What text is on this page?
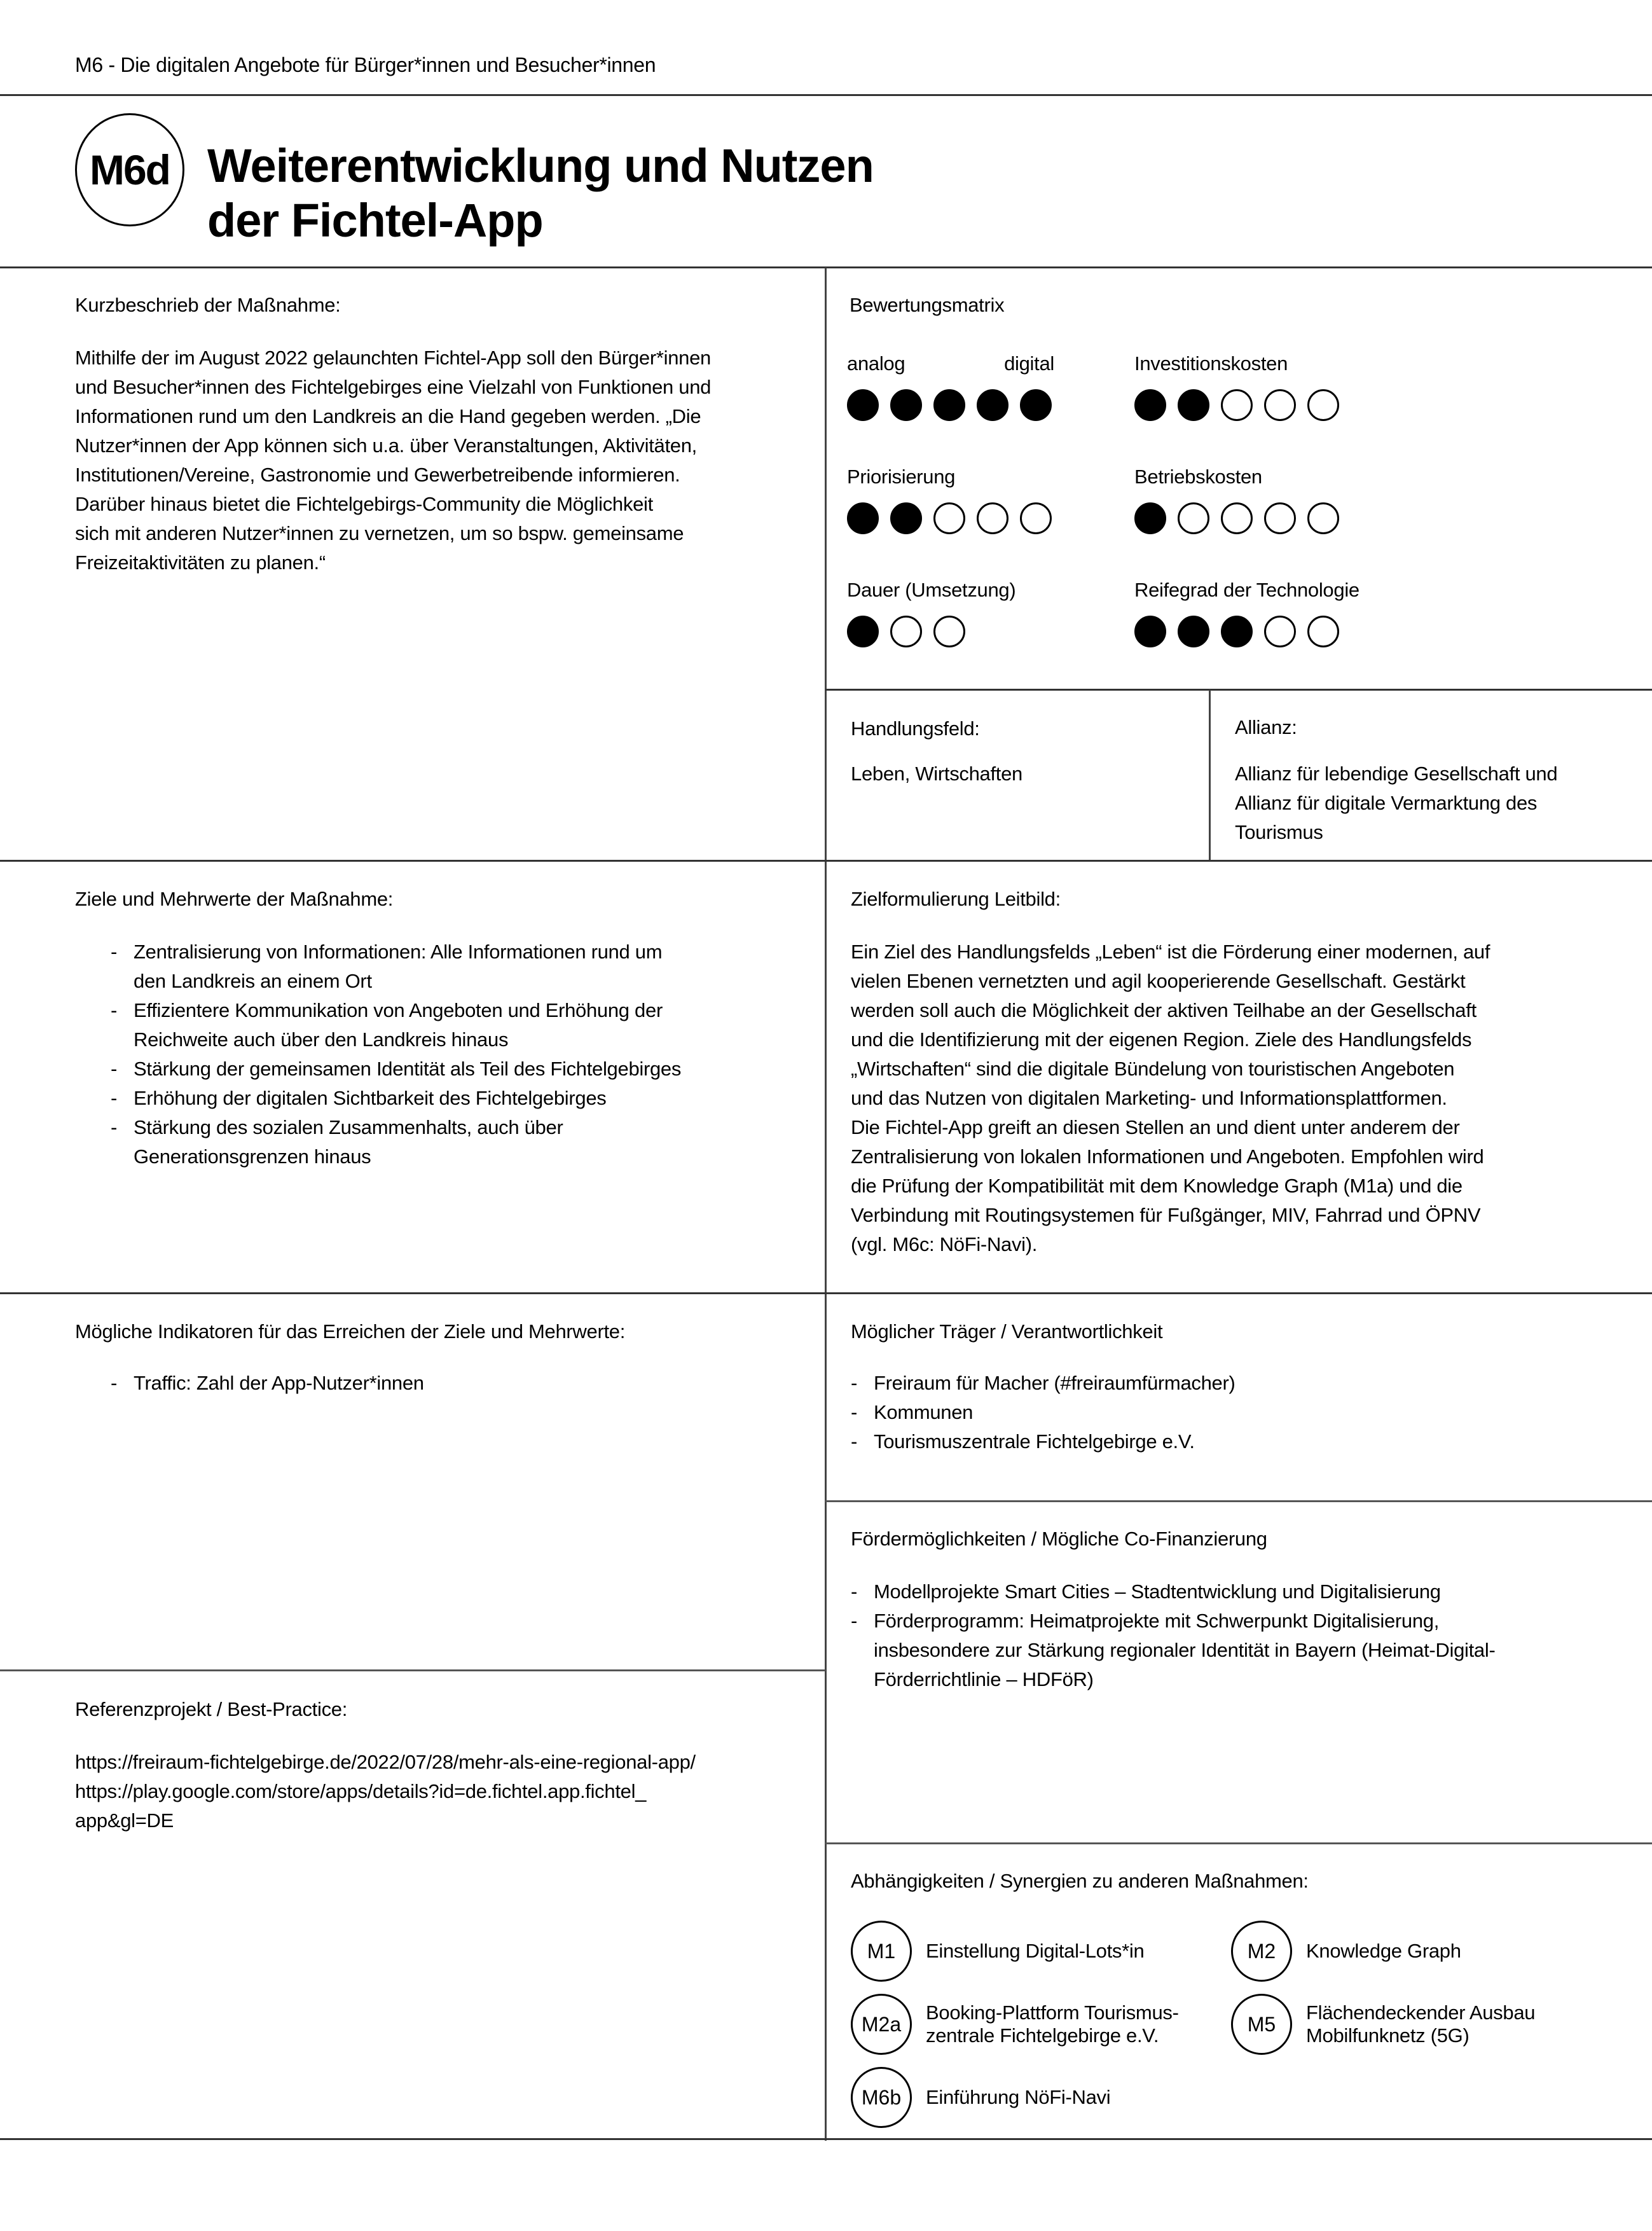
M6 - Die digitalen Angebote für Bürger*innen und Besucher*innen
M6d Weiterentwicklung und Nutzen
der Fichtel-App
Kurzbeschrieb der Maßnahme:
Mithilfe der im August 2022 gelaunchten Fichtel-App soll den Bürger*innen
und Besucher*innen des Fichtelgebirges eine Vielzahl von Funktionen und
Informationen rund um den Landkreis an die Hand gegeben werden. „Die
Nutzer*innen der App können sich u.a. über Veranstaltungen, Aktivitäten,
Institutionen/Vereine, Gastronomie und Gewerbetreibende informieren.
Darüber hinaus bietet die Fichtelgebirgs-Community die Möglichkeit
sich mit anderen Nutzer*innen zu vernetzen, um so bspw. gemeinsame
Freizeitaktivitäten zu planen.“
Bewertungsmatrix
analog	digital	Investitionskosten
Priorisierung	Betriebskosten
Dauer (Umsetzung)	Reifegrad der Technologie
Handlungsfeld:
Leben, Wirtschaften
Allianz:
Allianz für lebendige Gesellschaft und
Allianz für digitale Vermarktung des
Tourismus
Ziele und Mehrwerte der Maßnahme:
- Zentralisierung von Informationen: Alle Informationen rund um
den Landkreis an einem Ort
- Effizientere Kommunikation von Angeboten und Erhöhung der
Reichweite auch über den Landkreis hinaus
- Stärkung der gemeinsamen Identität als Teil des Fichtelgebirges
- Erhöhung der digitalen Sichtbarkeit des Fichtelgebirges
- Stärkung des sozialen Zusammenhalts, auch über
Generationsgrenzen hinaus
Zielformulierung Leitbild:
Ein Ziel des Handlungsfelds „Leben“ ist die Förderung einer modernen, auf
vielen Ebenen vernetzten und agil kooperierende Gesellschaft. Gestärkt
werden soll auch die Möglichkeit der aktiven Teilhabe an der Gesellschaft
und die Identifizierung mit der eigenen Region. Ziele des Handlungsfelds
„Wirtschaften“ sind die digitale Bündelung von touristischen Angeboten
und das Nutzen von digitalen Marketing- und Informationsplattformen.
Die Fichtel-App greift an diesen Stellen an und dient unter anderem der
Zentralisierung von lokalen Informationen und Angeboten. Empfohlen wird
die Prüfung der Kompatibilität mit dem Knowledge Graph (M1a) und die
Verbindung mit Routingsystemen für Fußgänger, MIV, Fahrrad und ÖPNV
(vgl. M6c: NöFi-Navi).
Mögliche Indikatoren für das Erreichen der Ziele und Mehrwerte:
- Traffic: Zahl der App-Nutzer*innen
Möglicher Träger / Verantwortlichkeit
- Freiraum für Macher (#freiraumfürmacher)
- Kommunen
- Tourismuszentrale Fichtelgebirge e.V.
Fördermöglichkeiten / Mögliche Co-Finanzierung
- Modellprojekte Smart Cities – Stadtentwicklung und Digitalisierung
- Förderprogramm: Heimatprojekte mit Schwerpunkt Digitalisierung,
insbesondere zur Stärkung regionaler Identität in Bayern (Heimat-Digital-
Förderrichtlinie – HDFöR)
Referenzprojekt / Best-Practice:
https://freiraum-fichtelgebirge.de/2022/07/28/mehr-als-eine-regional-app/
https://play.google.com/store/apps/details?id=de.fichtel.app.fichtel_
app&gl=DE
Abhängigkeiten / Synergien zu anderen Maßnahmen:
M1	Einstellung Digital-Lots*in	M2	Knowledge Graph
M2a	Booking-Plattform Tourismus-
zentrale Fichtelgebirge e.V.	M5	Flächendeckender Ausbau
Mobilfunknetz (5G)
M6b	Einführung NöFi-Navi
